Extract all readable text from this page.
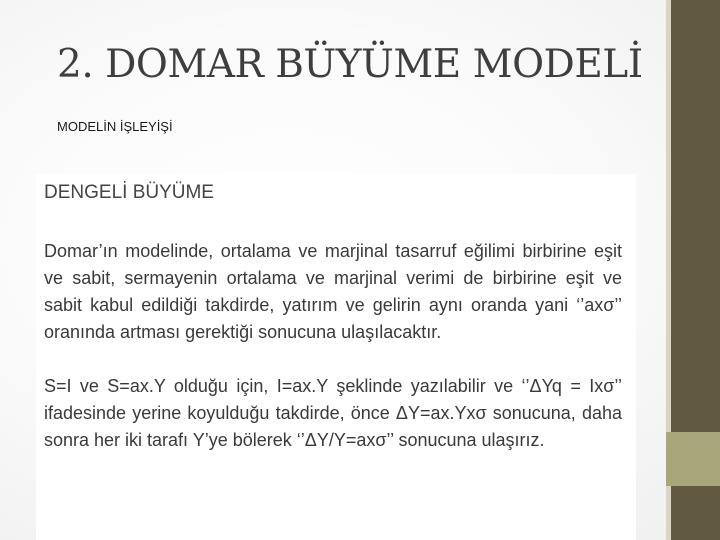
2. DOMAR BÜYÜME MODELİ
MODELİN İŞLEYİŞİ
DENGELİ BÜYÜME

Domar’ın modelinde, ortalama ve marjinal tasarruf eğilimi birbirine eşit ve sabit, sermayenin ortalama ve marjinal verimi de birbirine eşit ve sabit kabul edildiği takdirde, yatırım ve gelirin aynı oranda yani ‘’axσ’’ oranında artması gerektiği sonucuna ulaşılacaktır.

S=I ve S=ax.Y olduğu için, I=ax.Y şeklinde yazılabilir ve ‘’ΔYq = Ixσ’’ ifadesinde yerine koyulduğu takdirde, önce ΔY=ax.Yxσ sonucuna, daha sonra her iki tarafı Y’ye bölerek ‘’ΔY/Y=axσ’’ sonucuna ulaşırız.
